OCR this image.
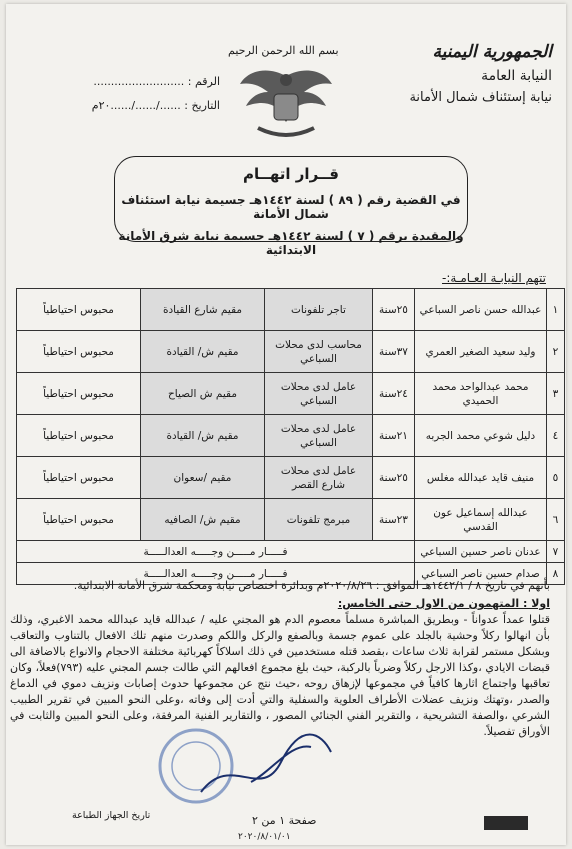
الجمهورية اليمنية
النيابة العامة
نيابة إستئناف شمال الأمانة
بسم الله الرحمن الرحيم
الرقم : ..........................
التاريخ : ....../....../......٢٠م
قــرار اتهــام
في القضية رقم ( ٨٩ ) لسنة ١٤٤٢هـ جسيمة نيابة استئناف شمال الأمانة
والمقيدة برقم ( ٧ ) لسنة ١٤٤٢هـ جسيمة نيابة شرق الأمانة الابتدائية
تتهم النيابـة العـامـة:-
١	عبدالله حسن ناصر السباعي	٢٥سنة	تاجر تلفونات	مقيم شارع القيادة	محبوس احتياطياً
٢	وليد سعيد الصغير العمري	٣٧سنة	محاسب لدى محلات السباعي	مقيم ش/ القيادة	محبوس احتياطياً
٣	محمد عبدالواحد محمد الحميدي	٢٤سنة	عامل لدى محلات السباعي	مقيم ش الصياح	محبوس احتياطياً
٤	دليل شوعي محمد الجربه	٢١سنة	عامل لدى محلات السباعي	مقيم ش/ القيادة	محبوس احتياطياً
٥	منيف قايد عبدالله مغلس	٢٥سنة	عامل لدى محلات شارع القصر	مقيم /سعوان	محبوس احتياطياً
٦	عبدالله إسماعيل عون القدسي	٢٣سنة	مبرمج تلفونات	مقيم ش/ الصافيه	محبوس احتياطياً
٧	عدنان ناصر حسين السباعي	فـــــار مـــــن وجـــــه العدالـــــة			
٨	صدام حسين ناصر السباعي	فـــــار مـــــن وجـــــه العدالـــــة			

بأنهم في تاريخ ٨ / ١٤٤٢/١هـ الموافق : ٢٠٢٠/٨/٢٦م وبدائرة اختصاص نيابة ومحكمة شرق الأمانة الابتدائية.

اولا : المتهمون من الاول حتى الخامس:

قتلوا عمداً عدواناً - وبطريق المباشرة مسلماً معصوم الدم هو المجني عليه / عبدالله قايد عبدالله محمد الاغبري، وذلك بأن انهالوا ركلاً وحشية بالجلد على عموم جسمة وبالصفع والركل واللكم وصدرت منهم تلك الافعال بالتناوب والتعاقب وبشكل مستمر لقرابة ثلاث ساعات ،بقصد قتله مستخدمين في ذلك اسلاكاً كهربائية مختلفة الاحجام والانواع بالاضافة الى قبضات الايادي ،وكذا الارجل ركلاً وضرباً بالركبة، حيث بلغ مجموع افعالهم التي طالت جسم المجني عليه (٧٩٣)فعلاً، وكان تعاقبها واجتماع اثارها كافياً في مجموعها لإزهاق روحه ،حيث نتج عن مجموعها حدوث إصابات ونزيف دموي في الدماغ والصدر ،وتهتك ونزيف عضلات الأطراف العلوية والسفلية والتي أدت إلى وفاته ،وعلى النحو المبين في تقرير الطبيب الشرعي ،والصفة التشريحية ، والتقرير الفني الجنائي المصور ، والتقارير الفنية المرفقة، وعلى النحو المبين والثابت في الأوراق تفصيلاً.

تاريخ الجهاز الطباعة	صفحة ١ من ٢
٢٠٢٠/٨/٠١/٠١
